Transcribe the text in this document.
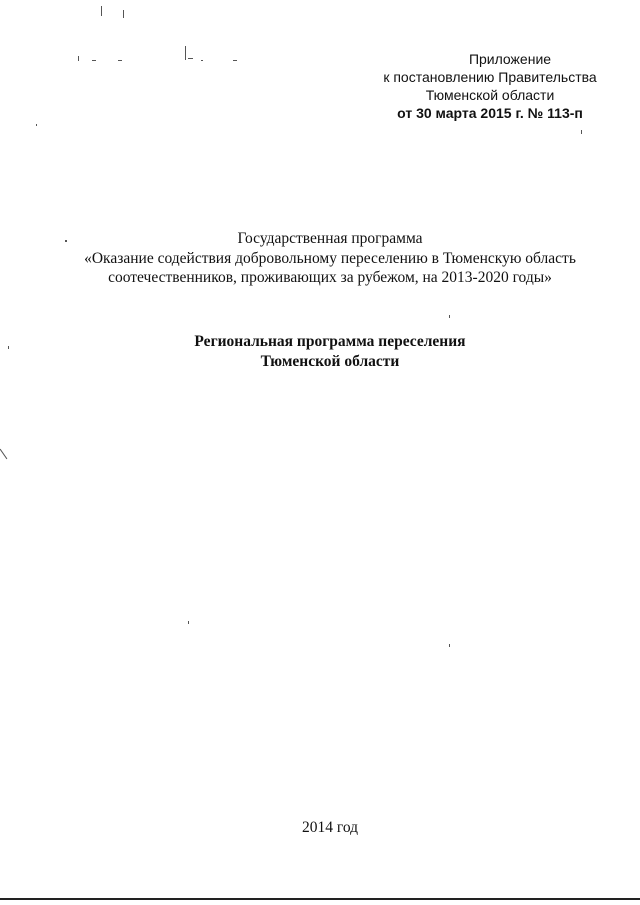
Приложение
к постановлению Правительства
Тюменской области
от 30 марта 2015 г. № 113-п
Государственная программа
«Оказание содействия добровольному переселению в Тюменскую область
соотечественников, проживающих за рубежом, на 2013-2020 годы»
Региональная программа переселения
Тюменской области
2014 год
